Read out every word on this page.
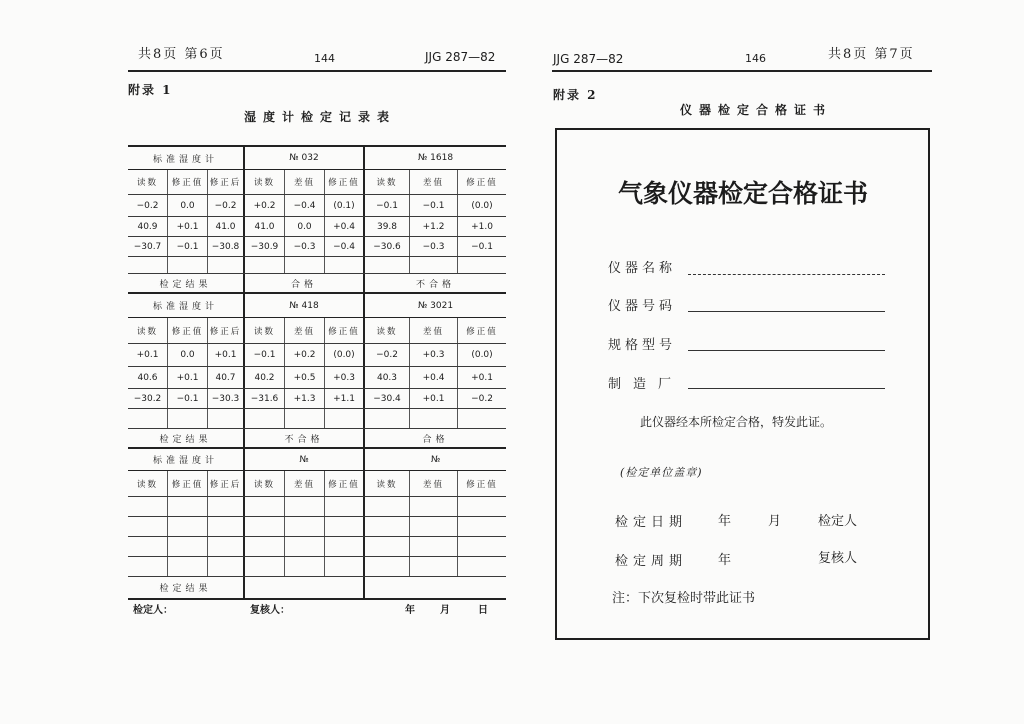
共8页 第6页	144	JJG 287—82
附录 1
湿度计检定记录表
标准湿度计	№ 032	№ 1618
读数	修正值 修正后	读数	差值	修正值	读数	差值	修正值
−0.2	0.0	−0.2	+0.2	−0.4	(0.1)	−0.1	−0.1	(0.0)
40.9	+0.1	41.0	41.0	0.0	+0.4	39.8	+1.2	+1.0
−30.7	−0.1	−30.8	−30.9	−0.3	−0.4	−30.6	−0.3	−0.1
检定结果	合格	不合格
标准湿度计	№ 418	№ 3021
读数	修正值 修正后	读数	差值	修正值	读数	差值	修正值
+0.1	0.0	+0.1	−0.1	+0.2	(0.0)	−0.2	+0.3	(0.0)
40.6	+0.1	40.7	40.2	+0.5	+0.3	40.3	+0.4	+0.1
−30.2	−0.1	−30.3	−31.6	+1.3	+1.1	−30.4	+0.1	−0.2
检定结果	不合格	合格
标准湿度计	№	№
读数	修正值 修正后	读数	差值	修正值	读数	差值	修正值
检定结果
检定人：	复核人：	年	月	日
JJG 287—82	146	共8页 第7页
附录 2
仪器检定合格证书
气象仪器检定合格证书
仪器名称
仪器号码
规格型号
制造厂
此仪器经本所检定合格，特发此证。
(检定单位盖章)
检定日期 年	月	检定人
检定周期 年	复核人
注：下次复检时带此证书
